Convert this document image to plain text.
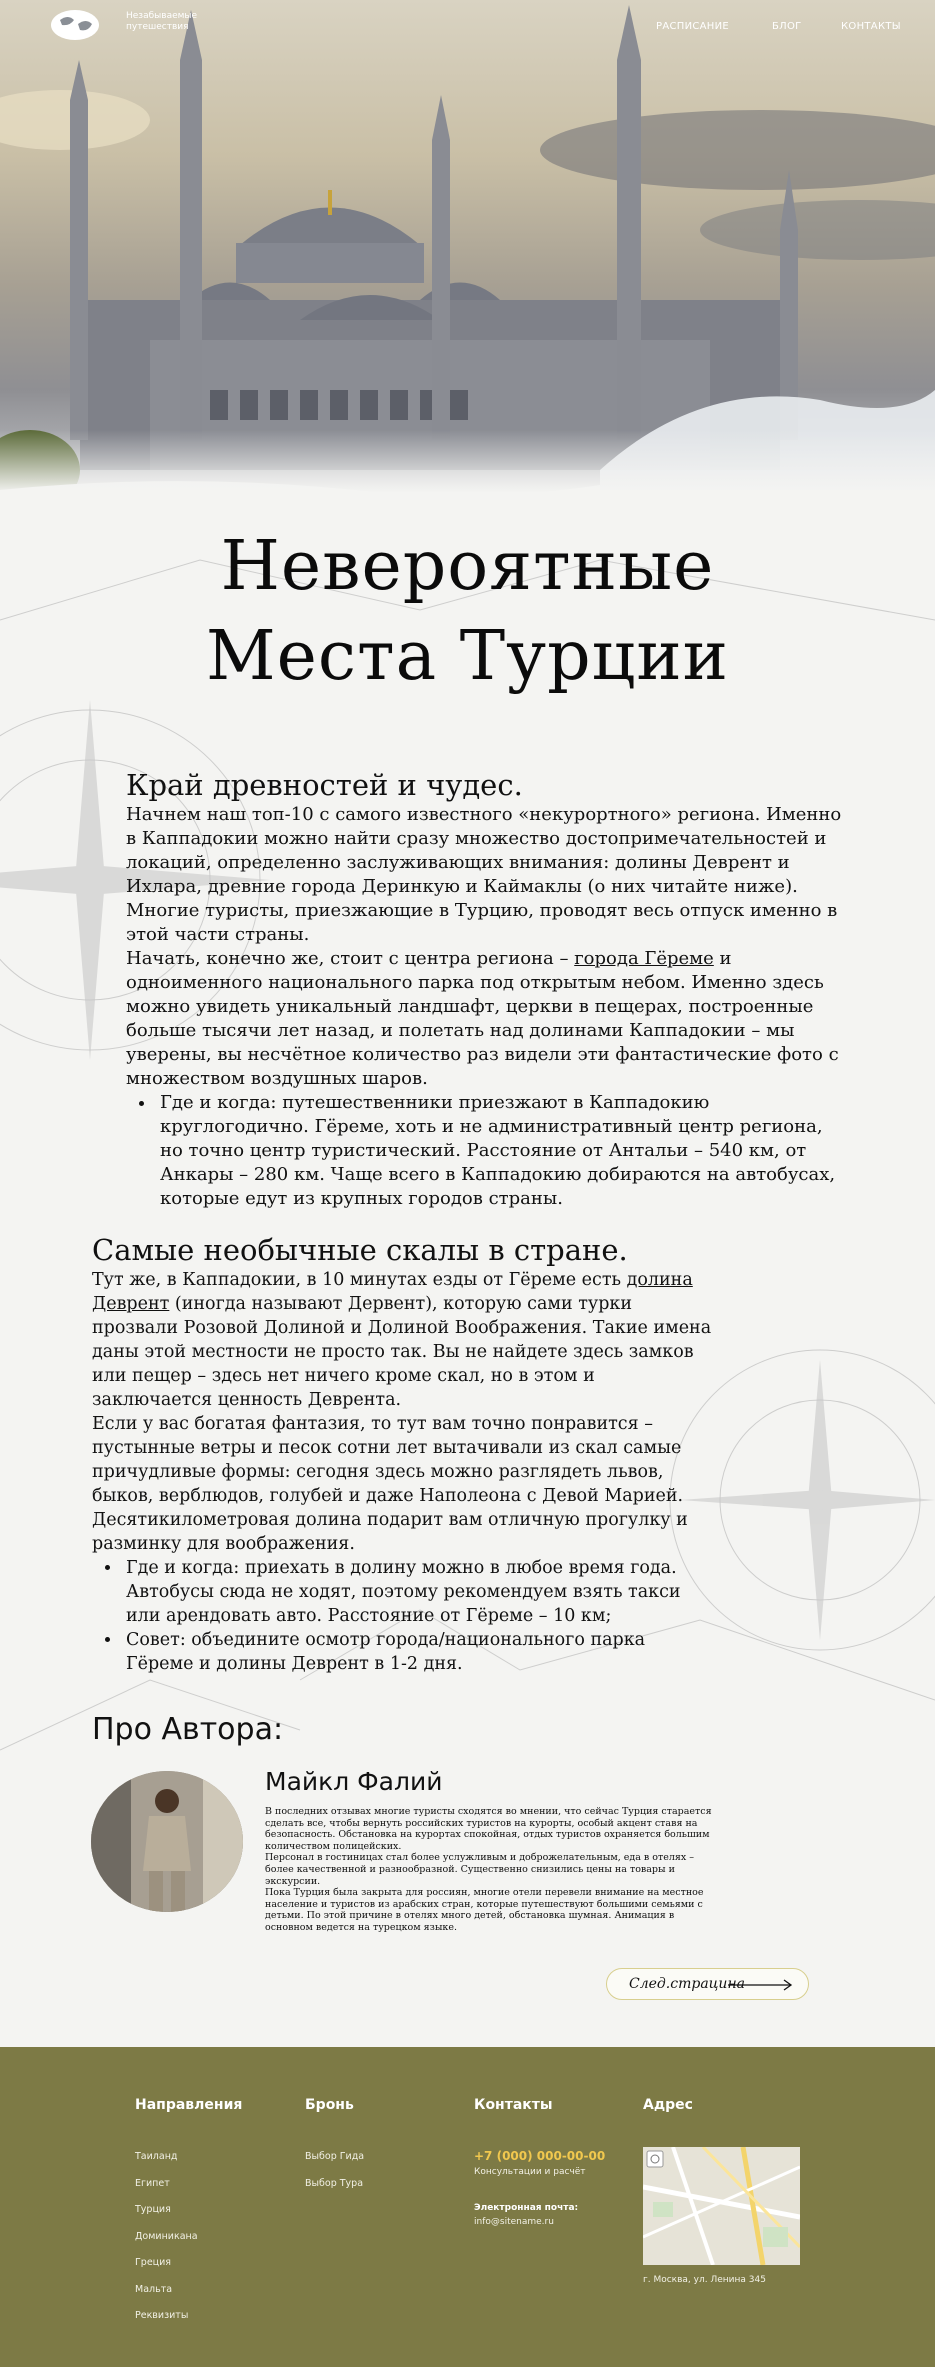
Незабываемые путешествия	РАСПИСАНИЕ	БЛОГ	КОНТАКТЫ
Невероятные
Места Турции
Край древностей и чудес.

Начнем наш топ-10 с самого известного «некурортного» региона. Именно в Каппадокии можно найти сразу множество достопримечательностей и локаций, определенно заслуживающих внимания: долины Деврент и Ихлара, древние города Деринкую и Каймаклы (о них читайте ниже). Многие туристы, приезжающие в Турцию, проводят весь отпуск именно в этой части страны.

Начать, конечно же, стоит с центра региона – города Гёреме и одноименного национального парка под открытым небом. Именно здесь можно увидеть уникальный ландшафт, церкви в пещерах, построенные больше тысячи лет назад, и полетать над долинами Каппадокии – мы уверены, вы несчётное количество раз видели эти фантастические фото с множеством воздушных шаров.

• Где и когда: путешественники приезжают в Каппадокию круглогодично. Гёреме, хоть и не административный центр региона, но точно центр туристический. Расстояние от Антальи – 540 км, от Анкары – 280 км. Чаще всего в Каппадокию добираются на автобусах, которые едут из крупных городов страны.
Самые необычные скалы в стране.

Тут же, в Каппадокии, в 10 минутах езды от Гёреме есть долина Деврент (иногда называют Дервент), которую сами турки прозвали Розовой Долиной и Долиной Воображения. Такие имена даны этой местности не просто так. Вы не найдете здесь замков или пещер – здесь нет ничего кроме скал, но в этом и заключается ценность Деврента.

Если у вас богатая фантазия, то тут вам точно понравится – пустынные ветры и песок сотни лет вытачивали из скал самые причудливые формы: сегодня здесь можно разглядеть львов, быков, верблюдов, голубей и даже Наполеона с Девой Марией. Десятикилометровая долина подарит вам отличную прогулку и разминку для воображения.

• Где и когда: приехать в долину можно в любое время года. Автобусы сюда не ходят, поэтому рекомендуем взять такси или арендовать авто. Расстояние от Гёреме – 10 км;
• Совет: объедините осмотр города/национального парка Гёреме и долины Деврент в 1-2 дня.
Про Автора:
Майкл Фалий

В последних отзывах многие туристы сходятся во мнении, что сейчас Турция старается сделать все, чтобы вернуть российских туристов на курорты, особый акцент ставя на безопасность. Обстановка на курортах спокойная, отдых туристов охраняется большим количеством полицейских.

Персонал в гостиницах стал более услужливым и доброжелательным, еда в отелях – более качественной и разнообразной. Существенно снизились цены на товары и экскурсии.

Пока Турция была закрыта для россиян, многие отели перевели внимание на местное население и туристов из арабских стран, которые путешествуют большими семьями с детьми. По этой причине в отелях много детей, обстановка шумная. Анимация в основном ведется на турецком языке.

След.страцина
Направления
Таиланд
Египет
Турция
Доминикана
Греция
Мальта
Реквизиты
Бронь
Выбор Гида
Выбор Тура
Контакты
+7 (000) 000-00-00
Консультации и расчёт
Электронная почта:
info@sitename.ru
Адрес
г. Москва, ул. Ленина 345
